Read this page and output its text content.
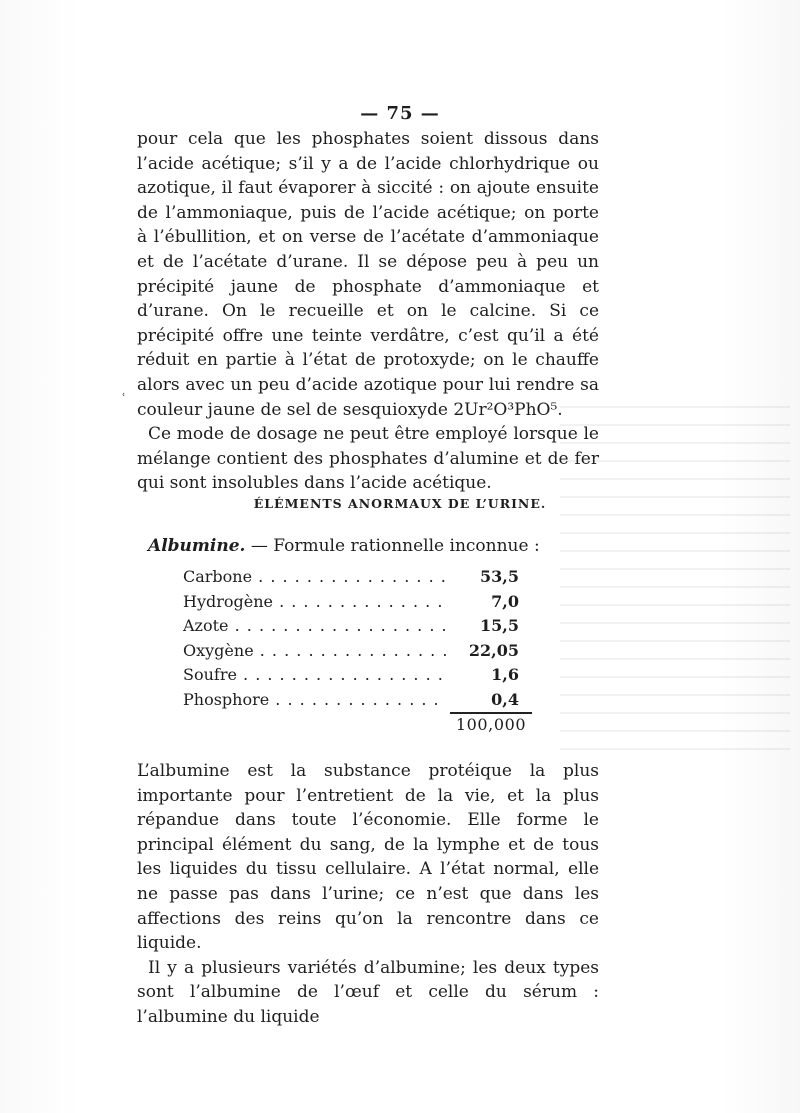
— 75 —

pour cela que les phosphates soient dissous dans l’acide acétique; s’il y a de l’acide chlorhydrique ou azotique, il faut évaporer à siccité : on ajoute ensuite de l’ammoniaque, puis de l’acide acétique; on porte à l’ébullition, et on verse de l’acétate d’ammoniaque et de l’acétate d’urane. Il se dépose peu à peu un précipité jaune de phosphate d’ammoniaque et d’urane. On le recueille et on le calcine. Si ce précipité offre une teinte verdâtre, c’est qu’il a été réduit en partie à l’état de protoxyde; on le chauffe alors avec un peu d’acide azotique pour lui rendre sa couleur jaune de sel de sesquioxyde 2Ur²O³PhO⁵.

Ce mode de dosage ne peut être employé lorsque le mélange contient des phosphates d’alumine et de fer qui sont insolubles dans l’acide acétique.

ʿ
ÉLÉMENTS ANORMAUX DE L’URINE.
Albumine. — Formule rationnelle inconnue :
Carbone . . .	53,5
Hydrogène . . .	7,0
Azote . . .	15,5
Oxygène . . .	22,05
Soufre . . .	1,6
Phosphore . . .	0,4
100,000

L’albumine est la substance protéique la plus importante pour l’entretient de la vie, et la plus répandue dans toute l’économie. Elle forme le principal élément du sang, de la lymphe et de tous les liquides du tissu cellulaire. A l’état normal, elle ne passe pas dans l’urine; ce n’est que dans les affections des reins qu’on la rencontre dans ce liquide.

Il y a plusieurs variétés d’albumine; les deux types sont l’albumine de l’œuf et celle du sérum : l’albumine du liquide
